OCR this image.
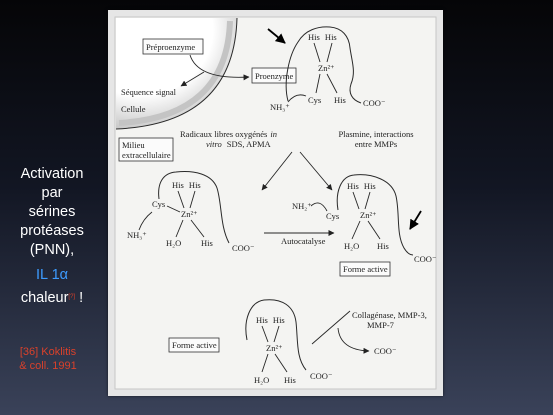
Activation
par
sérines
protéases
(PNN),
IL 1α
chaleur[?] !
[36] Koklitis
& coll. 1991
Préproenzyme
Séquence signal
Cellule
Proenzyme
His His
Zn²⁺
Cys His COO⁻
NH₃⁺
Milieu
extracellulaire
Radicaux libres oxygénés in
vitro SDS, APMA
Plasmine, interactions
entre MMPs
His His
Zn²⁺
Cys
NH₃⁺
H₂O His COO⁻
Autocatalyse
His His
Zn²⁺
NH₂⁺
Cys
H₂O His
COO⁻
Forme active
His His
Zn²⁺
H₂O His COO⁻
Forme active
Collagénase, MMP-3,
MMP-7
COO⁻
